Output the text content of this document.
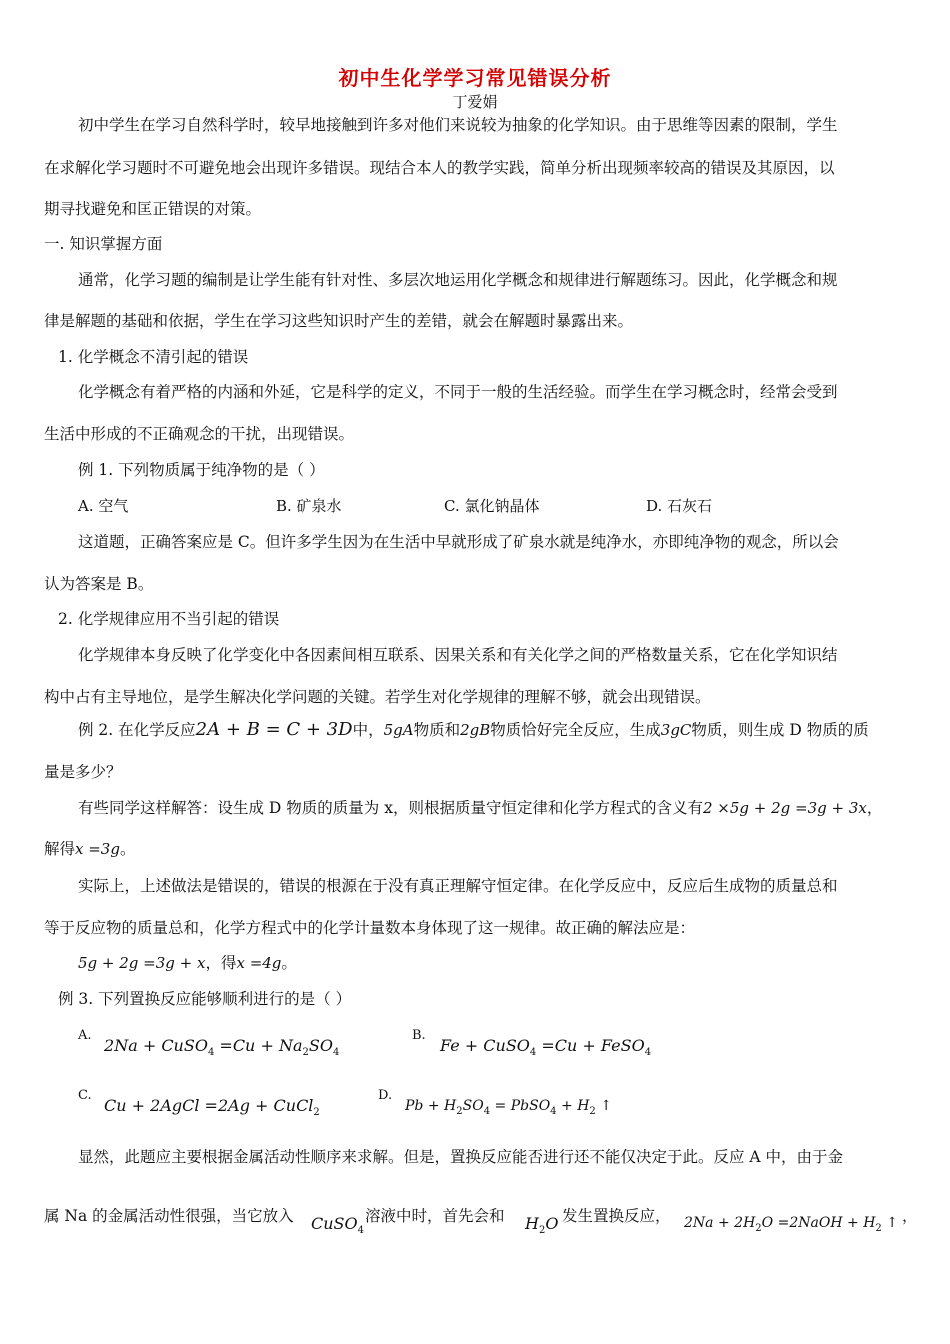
初中生化学学习常见错误分析
丁爱娟
初中学生在学习自然科学时，较早地接触到许多对他们来说较为抽象的化学知识。由于思维等因素的限制，学生
在求解化学习题时不可避免地会出现许多错误。现结合本人的教学实践，简单分析出现频率较高的错误及其原因，以
期寻找避免和匡正错误的对策。
一. 知识掌握方面
通常，化学习题的编制是让学生能有针对性、多层次地运用化学概念和规律进行解题练习。因此，化学概念和规
律是解题的基础和依据，学生在学习这些知识时产生的差错，就会在解题时暴露出来。
1. 化学概念不清引起的错误
化学概念有着严格的内涵和外延，它是科学的定义，不同于一般的生活经验。而学生在学习概念时，经常会受到
生活中形成的不正确观念的干扰，出现错误。
例 1. 下列物质属于纯净物的是（ ）
A. 空气	B. 矿泉水	C. 氯化钠晶体	D. 石灰石
这道题，正确答案应是 C。但许多学生因为在生活中早就形成了矿泉水就是纯净水，亦即纯净物的观念，所以会
认为答案是 B。
2. 化学规律应用不当引起的错误
化学规律本身反映了化学变化中各因素间相互联系、因果关系和有关化学之间的严格数量关系，它在化学知识结
构中占有主导地位，是学生解决化学问题的关键。若学生对化学规律的理解不够，就会出现错误。
例 2. 在化学反应2A + B = C + 3D中，5gA物质和2gB物质恰好完全反应，生成3gC物质，则生成 D 物质的质
量是多少？
有些同学这样解答：设生成 D 物质的质量为 x，则根据质量守恒定律和化学方程式的含义有2 ×5g + 2g =3g + 3x，
解得x =3g。
实际上，上述做法是错误的，错误的根源在于没有真正理解守恒定律。在化学反应中，反应后生成物的质量总和
等于反应物的质量总和，化学方程式中的化学计量数本身体现了这一规律。故正确的解法应是：
5g + 2g =3g + x，得x =4g。
例 3. 下列置换反应能够顺利进行的是（ ）
A.
2Na + CuSO$_4$ $=Cu + Na_2SO_4$
B.
Fe + CuSO$_4$ =Cu + FeSO$_4$
C.
Cu + 2AgCl =2Ag + CuCl$_2$
D.
$Pb + H_2SO_4$ = PbSO$_4$ + $H_2$ ↑
显然，此题应主要根据金属活动性顺序来求解。但是，置换反应能否进行还不能仅决定于此。反应 A 中，由于金
属 Na 的金属活动性很强，当它放入	CuSO$_4$
溶液中时，首先会和	$H_2O$ 发生置换反应， $2Na + 2H_2O$ =2NaOH + $H_2$ ↑ ，
